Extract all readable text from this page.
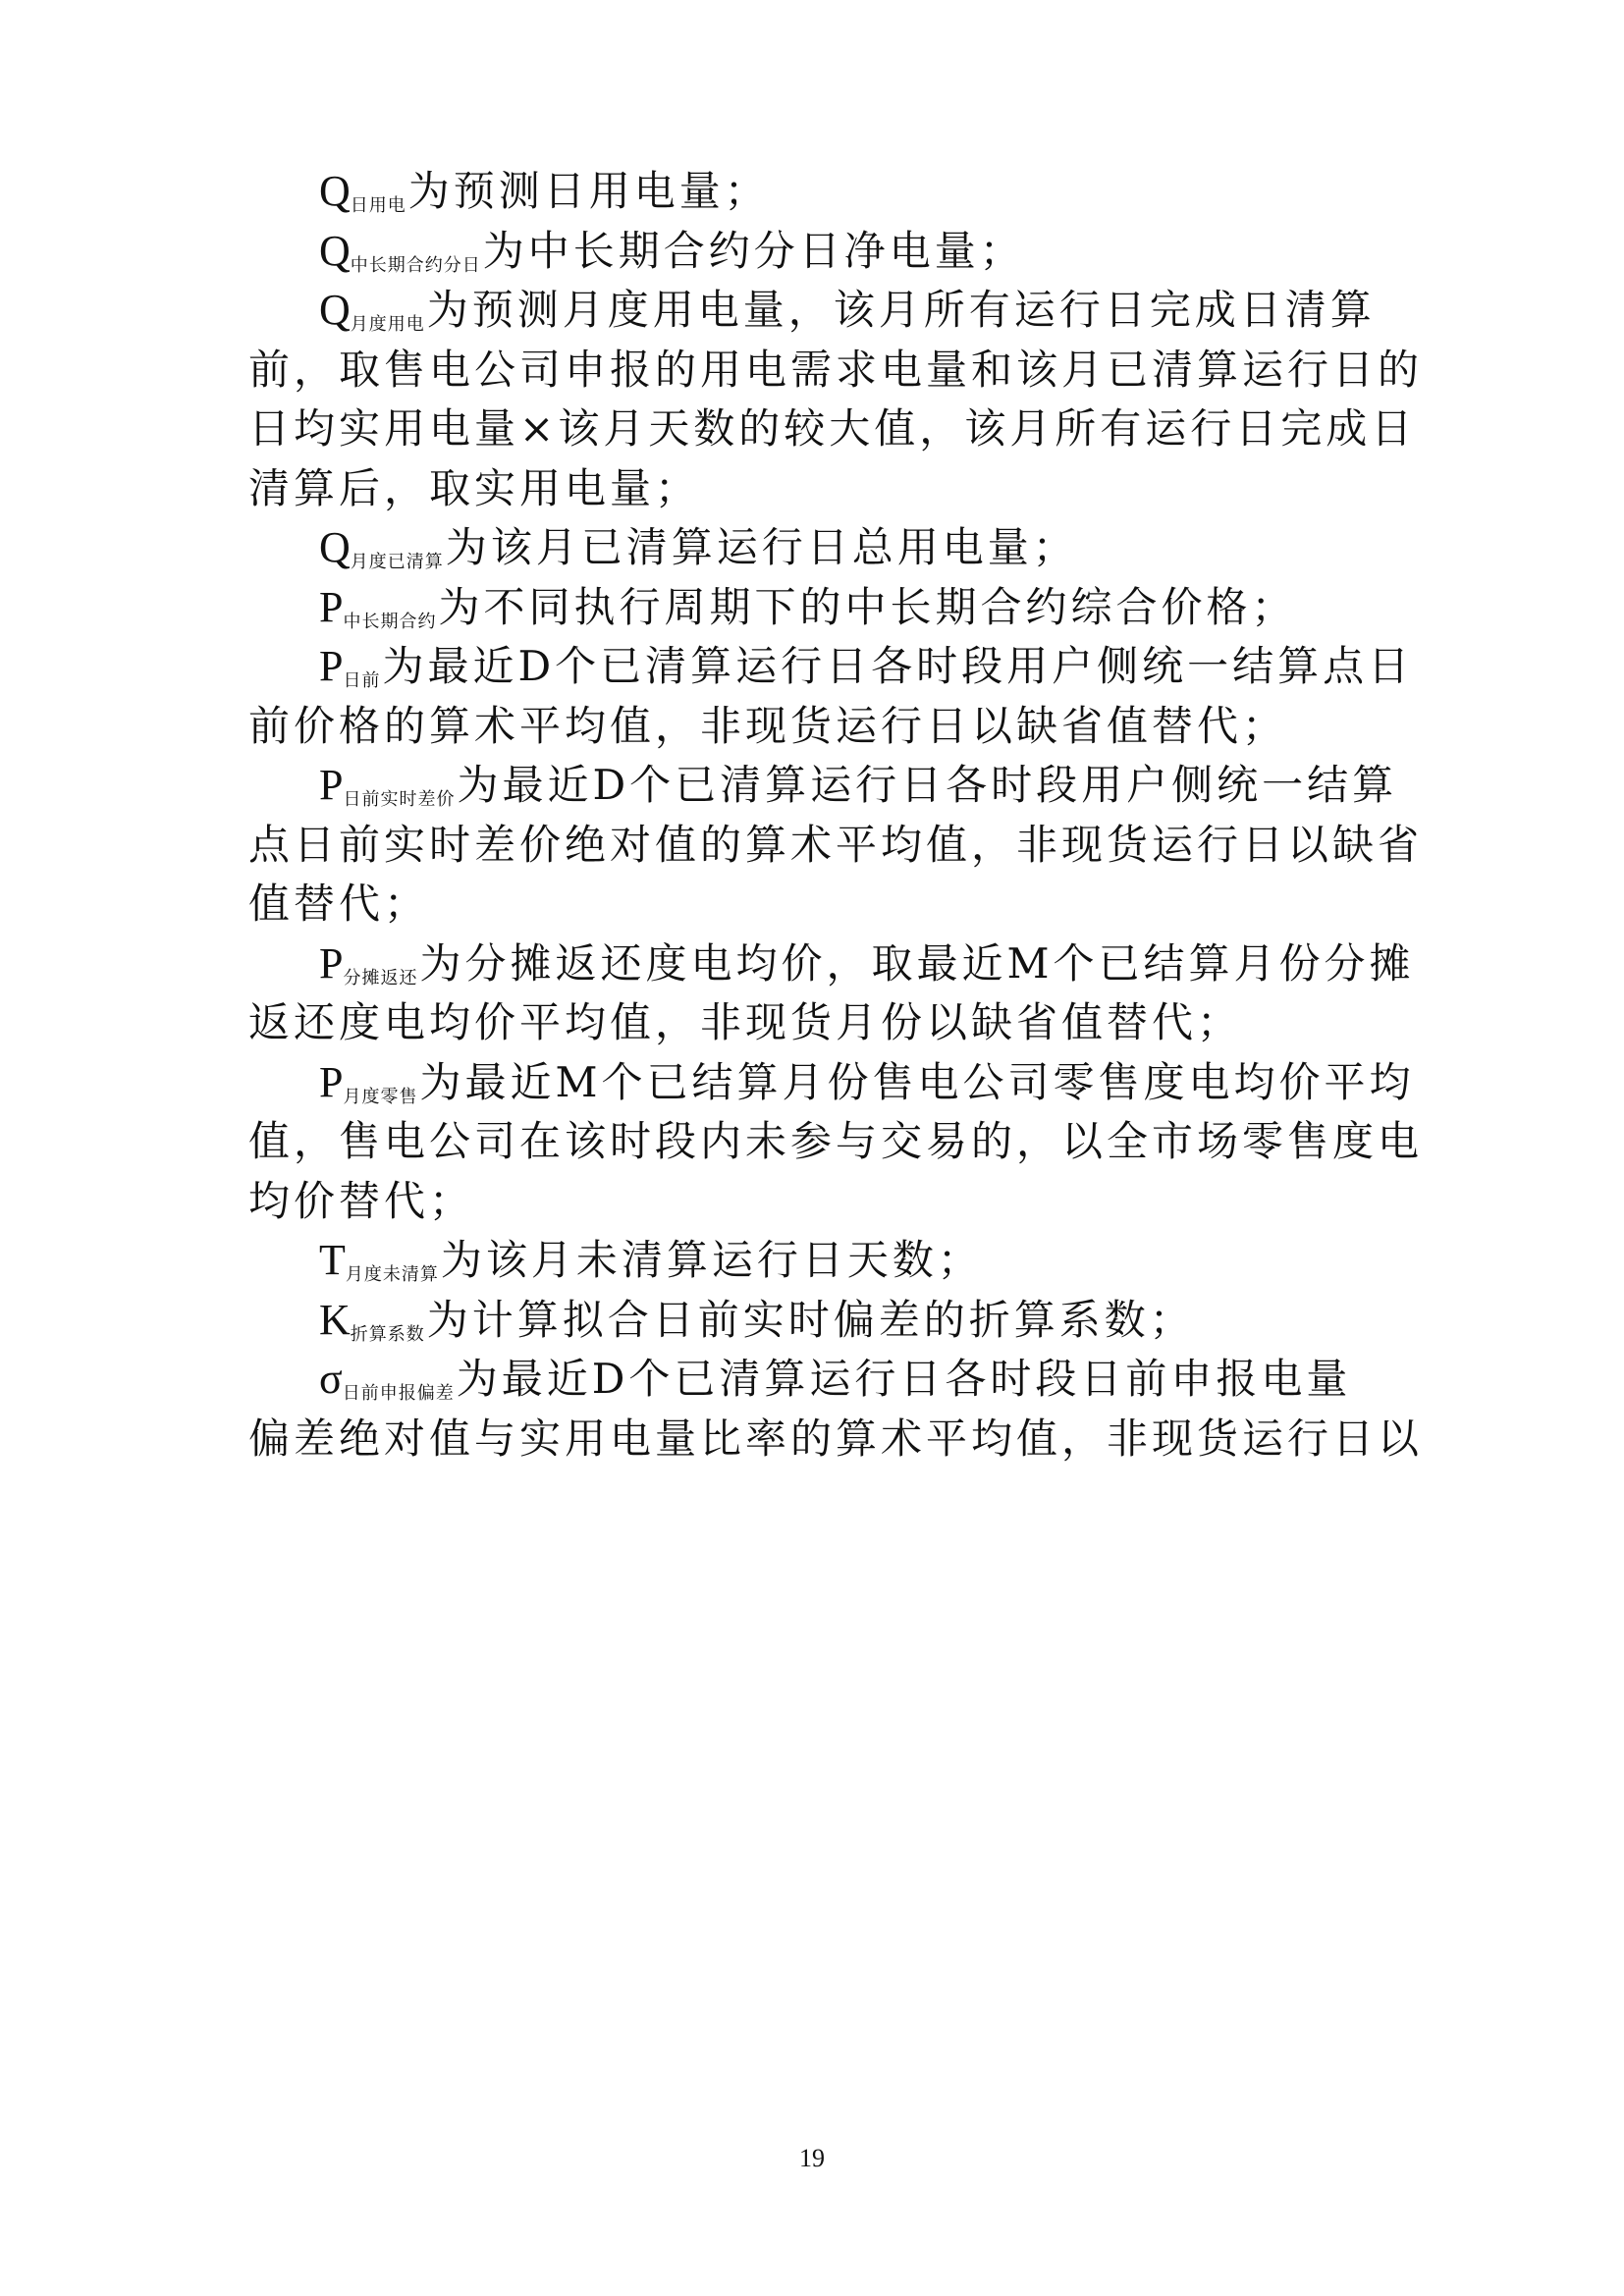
$Q_{日用电}$为预测日用电量；
$Q_{中长期合约分日}$为中长期合约分日净电量；
$Q_{月度用电}$为预测月度用电量，该月所有运行日完成日清算
前，取售电公司申报的用电需求电量和该月已清算运行日的
日均实用电量×该月天数的较大值，该月所有运行日完成日
清算后，取实用电量；
$Q_{月度已清算}$为该月已清算运行日总用电量；
$P_{中长期合约}$为不同执行周期下的中长期合约综合价格；
$P_{日前}$为最近D个已清算运行日各时段用户侧统一结算点日
前价格的算术平均值，非现货运行日以缺省值替代；
$P_{日前实时差价}$为最近D个已清算运行日各时段用户侧统一结算
点日前实时差价绝对值的算术平均值，非现货运行日以缺省
值替代；
$P_{分摊返还}$为分摊返还度电均价，取最近M个已结算月份分摊
返还度电均价平均值，非现货月份以缺省值替代；
$P_{月度零售}$为最近M个已结算月份售电公司零售度电均价平均
值，售电公司在该时段内未参与交易的，以全市场零售度电
均价替代；
$T_{月度未清算}$为该月未清算运行日天数；
$K_{折算系数}$为计算拟合日前实时偏差的折算系数；
$\sigma_{日前申报偏差}$为最近D个已清算运行日各时段日前申报电量
偏差绝对值与实用电量比率的算术平均值，非现货运行日以
19
